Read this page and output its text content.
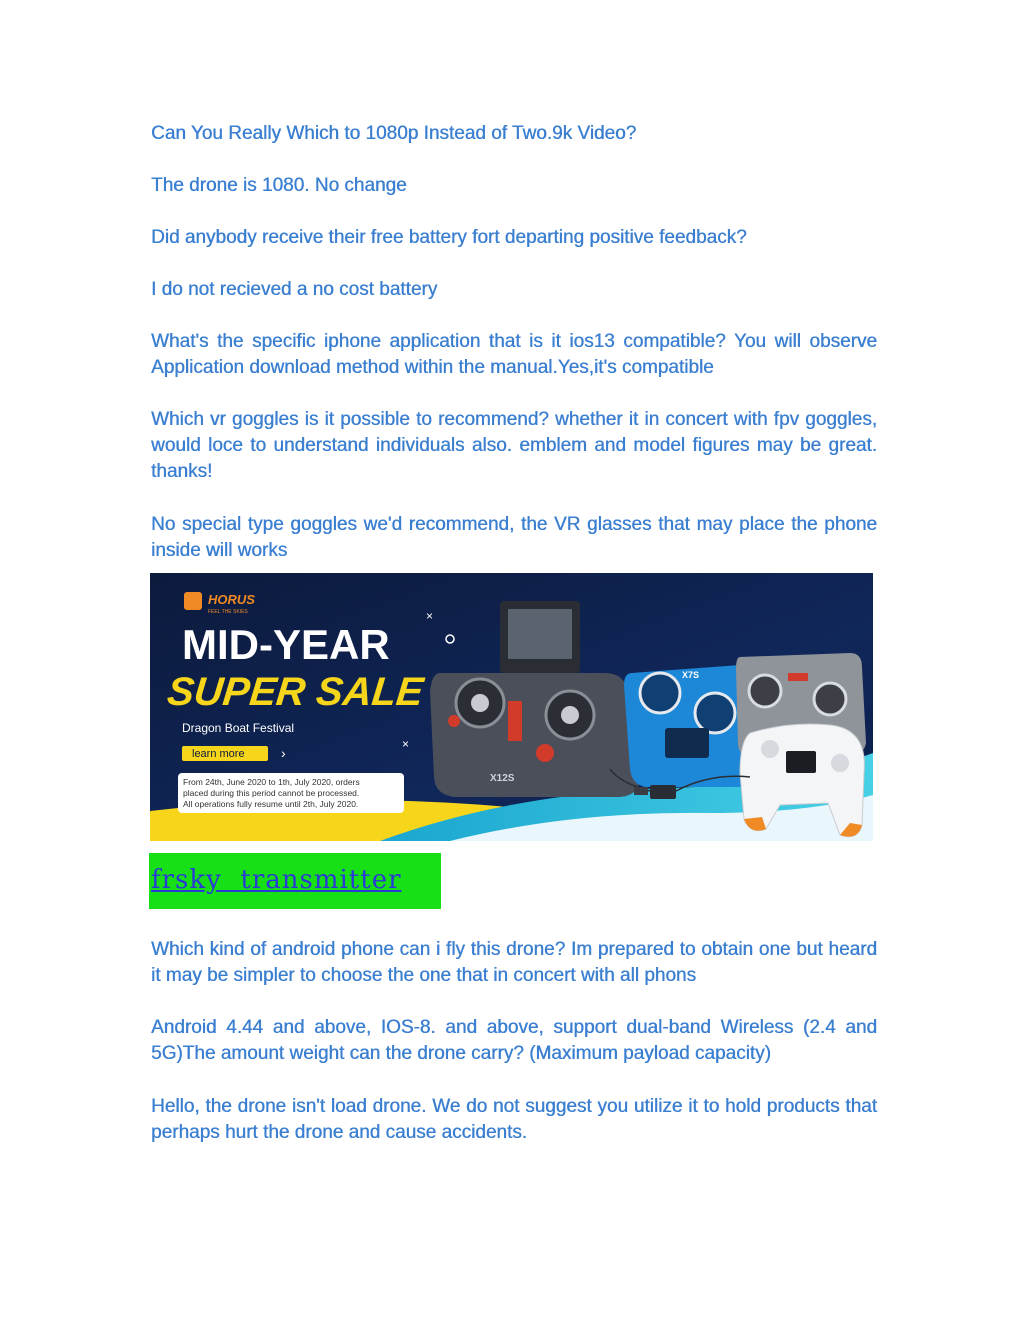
Can You Really Which to 1080p Instead of Two.9k Video?

The drone is 1080. No change

Did anybody receive their free battery fort departing positive feedback?

I do not recieved a no cost battery

What's the specific iphone application that is it ios13 compatible? You will observe Application download method within the manual.Yes,it's compatible

Which vr goggles is it possible to recommend? whether it in concert with fpv goggles, would loce to understand individuals also. emblem and model figures may be great. thanks!

No special type goggles we'd recommend, the VR glasses that may place the phone inside will works

HORUS
FEEL THE SKIES
MID-YEAR
SUPER SALE
Dragon Boat Festival
learn more	›
From 24th, June 2020 to 1th, July 2020, orders
placed during this period cannot be processed.
All operations fully resume until 2th, July 2020.
×
×
X12S
X7S
frsky  transmitter

Which kind of android phone can i fly this drone? Im prepared to obtain one but heard it may be simpler to choose the one that in concert with all phons

Android 4.44 and above, IOS-8. and above, support dual-band Wireless (2.4 and 5G)The amount weight can the drone carry? (Maximum payload capacity)

Hello, the drone isn't load drone. We do not suggest you utilize it to hold products that perhaps hurt the drone and cause accidents.
